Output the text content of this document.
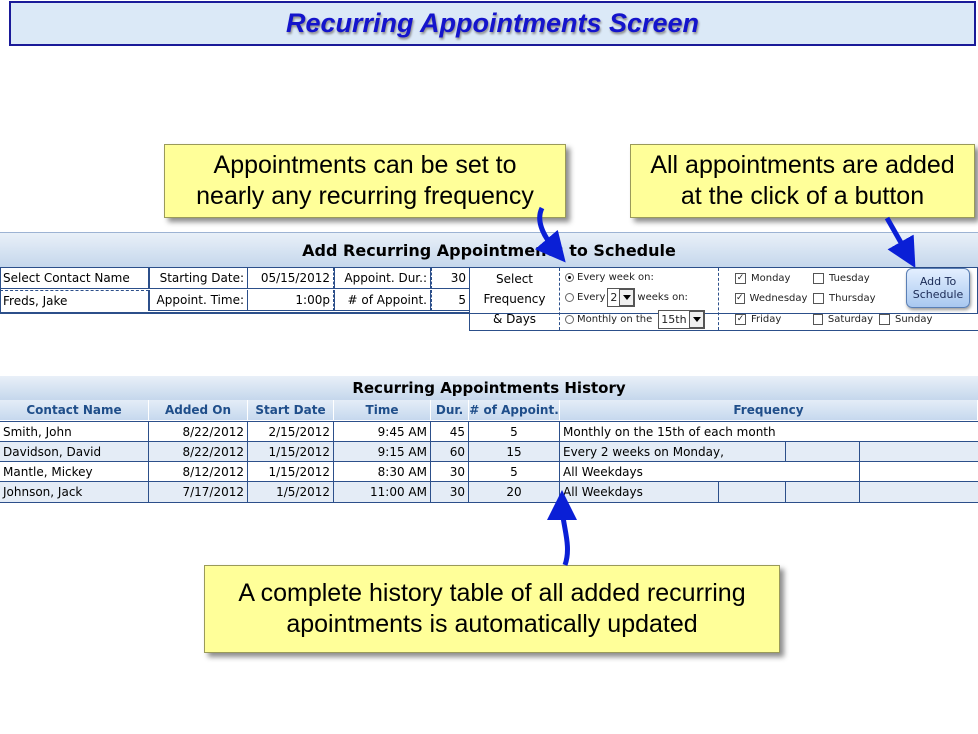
Recurring Appointments Screen
Appointments can be set to
nearly any recurring frequency
All appointments are added
at the click of a button
Add Recurring Appointments to Schedule
Select Contact Name	Starting Date:	05/15/2012	Appoint. Dur.:	30
Freds, Jake	Appoint. Time:	1:00p	# of Appoint.	5
Select
Frequency
& Days
Every week on:
Every 2 weeks on:
Monthly on the 15th
✓ Monday	Tuesday
✓ Wednesday Thursday
✓ Friday	Saturday Sunday
Recurring Appointments History
Contact Name	Added On	Start Date	Time	Dur. # of Appoint.	Frequency
Smith, John	8/22/2012	2/15/2012	9:45 AM	45	5	Monthly on the 15th of each month
Davidson, David	8/22/2012	1/15/2012	9:15 AM	60	15	Every 2 weeks on Monday,
Mantle, Mickey	8/12/2012	1/15/2012	8:30 AM	30	5	All Weekdays
Johnson, Jack	7/17/2012	1/5/2012	11:00 AM	30	20	All Weekdays
Add To
Schedule
A complete history table of all added recurring
apointments is automatically updated
